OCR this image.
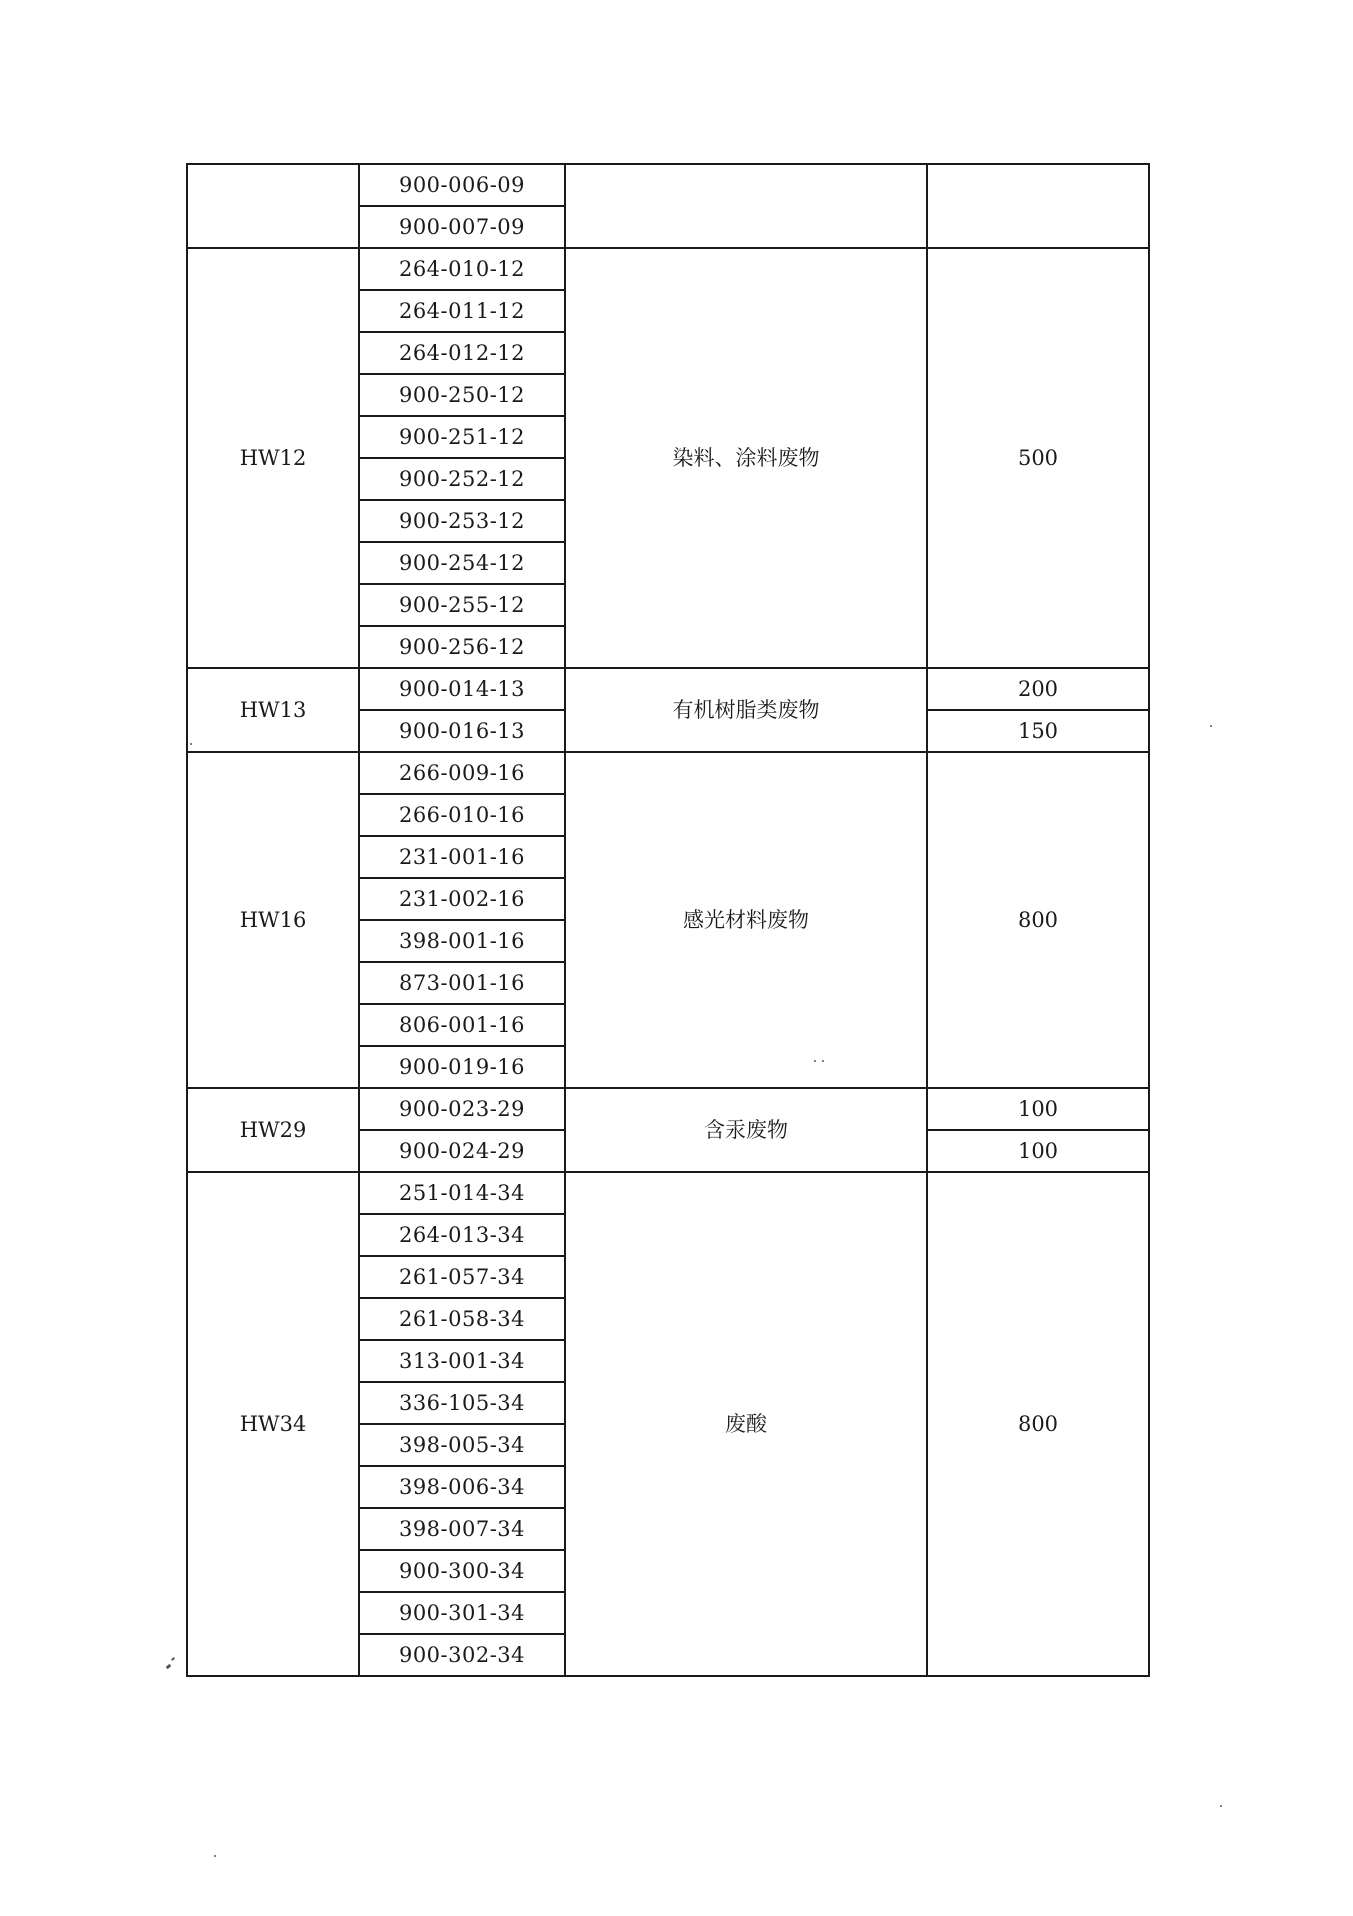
	900-006-09		
	900-007-09		
HW12	264-010-12	染料、涂料废物	500
	264-011-12		
	264-012-12		
	900-250-12		
	900-251-12		
	900-252-12		
	900-253-12		
	900-254-12		
	900-255-12		
	900-256-12		
HW13	900-014-13	有机树脂类废物	200
	900-016-13		150
HW16	266-009-16	感光材料废物	800
	266-010-16		
	231-001-16		
	231-002-16		
	398-001-16		
	873-001-16		
	806-001-16		
	900-019-16		
HW29	900-023-29	含汞废物	100
	900-024-29		100
HW34	251-014-34	废酸	800
	264-013-34		
	261-057-34		
	261-058-34		
	313-001-34		
	336-105-34		
	398-005-34		
	398-006-34		
	398-007-34		
	900-300-34		
	900-301-34		
	900-302-34		
